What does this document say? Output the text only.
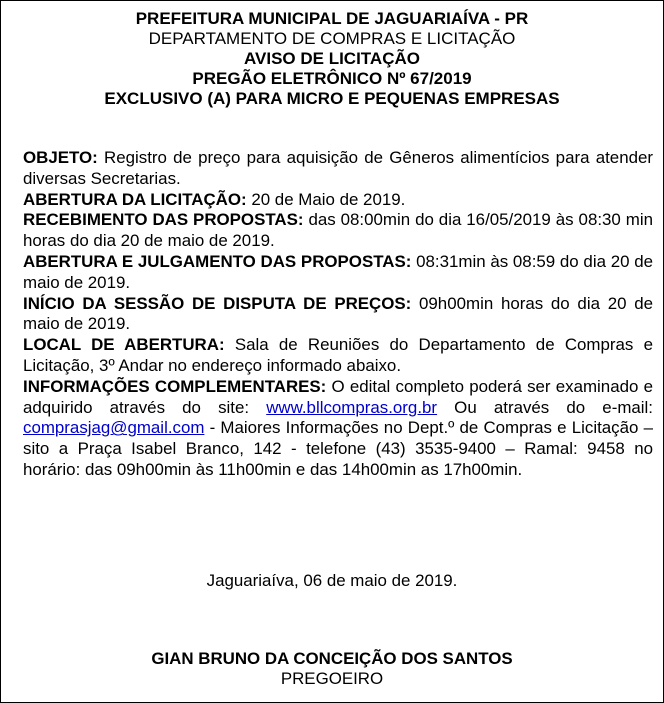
PREFEITURA MUNICIPAL DE JAGUARIAÍVA - PR

DEPARTAMENTO DE COMPRAS E LICITAÇÃO

AVISO DE LICITAÇÃO

PREGÃO ELETRÔNICO Nº 67/2019

EXCLUSIVO (A) PARA MICRO E PEQUENAS EMPRESAS

OBJETO: Registro de preço para aquisição de Gêneros alimentícios para atender diversas Secretarias.

ABERTURA DA LICITAÇÃO: 20 de Maio de 2019.

RECEBIMENTO DAS PROPOSTAS: das 08:00min do dia 16/05/2019 às 08:30 min horas do dia 20 de maio de 2019.

ABERTURA E JULGAMENTO DAS PROPOSTAS: 08:31min às 08:59 do dia 20 de maio de 2019.

INÍCIO DA SESSÃO DE DISPUTA DE PREÇOS: 09h00min horas do dia 20 de maio de 2019.

LOCAL DE ABERTURA: Sala de Reuniões do Departamento de Compras e Licitação, 3º Andar no endereço informado abaixo.

INFORMAÇÕES COMPLEMENTARES: O edital completo poderá ser examinado e adquirido através do site: www.bllcompras.org.br Ou através do e-mail: comprasjag@gmail.com - Maiores Informações no Dept.º de Compras e Licitação – sito a Praça Isabel Branco, 142 - telefone (43) 3535-9400 – Ramal: 9458 no horário: das 09h00min às 11h00min e das 14h00min as 17h00min.

Jaguariaíva, 06 de maio de 2019.
GIAN BRUNO DA CONCEIÇÃO DOS SANTOS
PREGOEIRO
